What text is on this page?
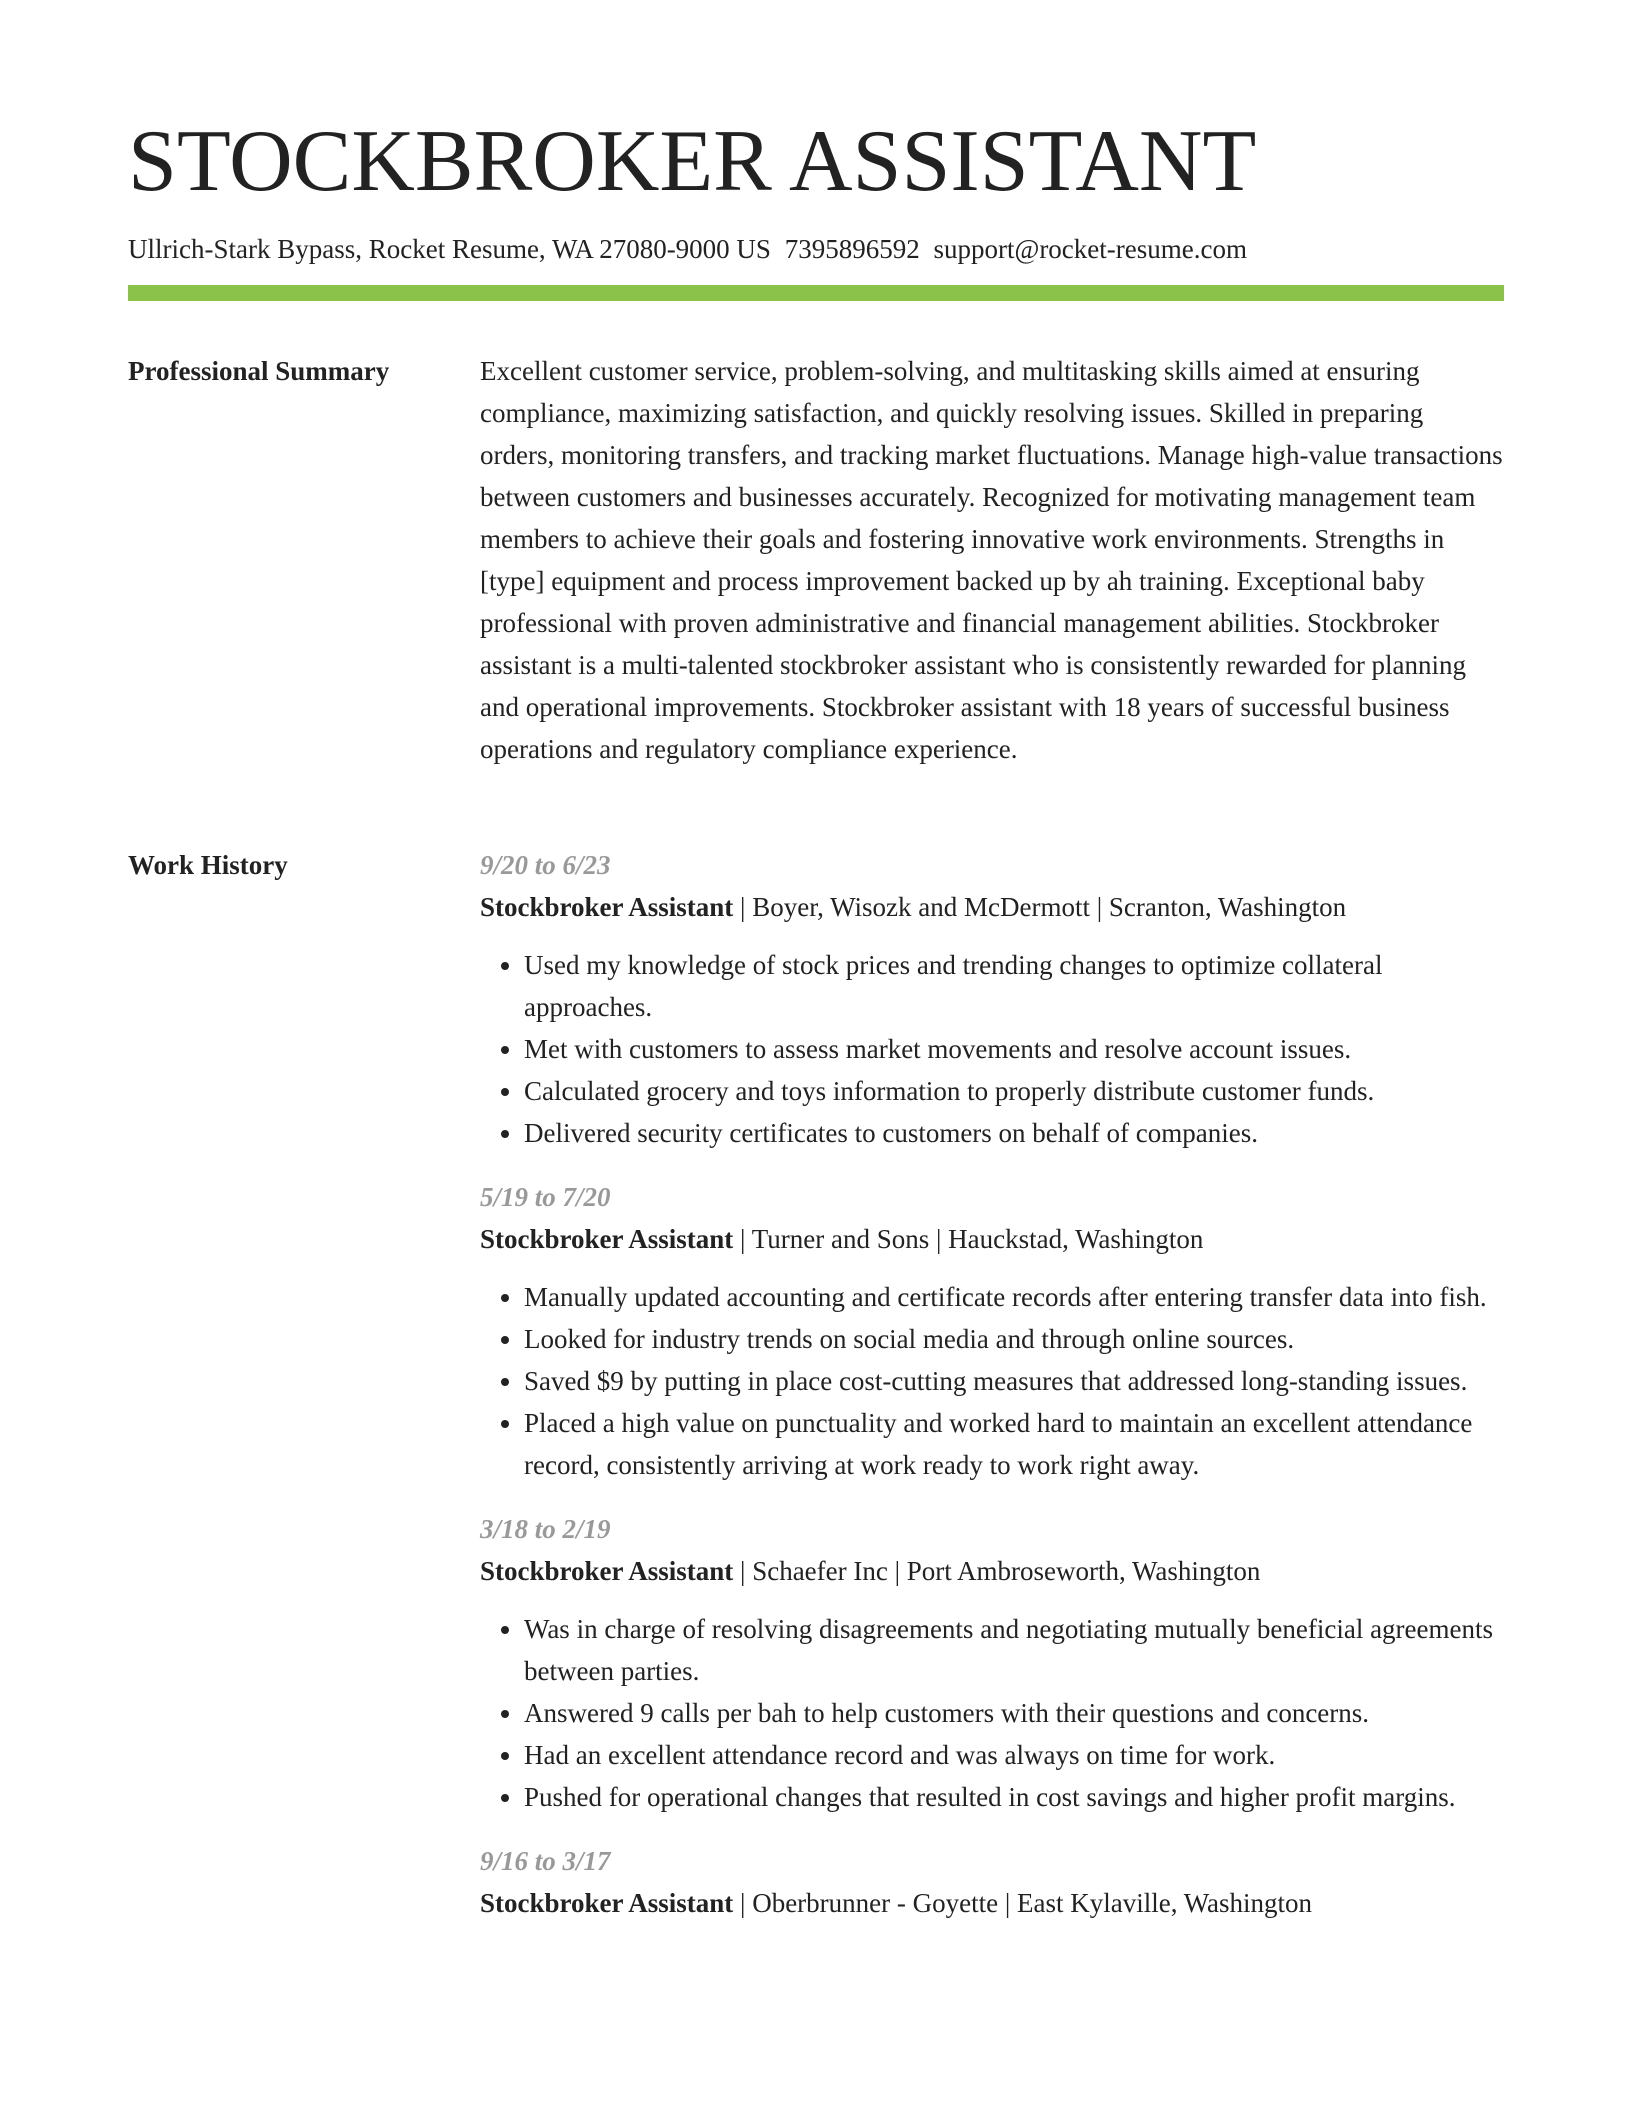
STOCKBROKER ASSISTANT
Ullrich-Stark Bypass, Rocket Resume, WA 27080-9000 US 7395896592 support@rocket-resume.com
Professional Summary	Excellent customer service, problem-solving, and multitasking skills aimed at ensuring compliance, maximizing satisfaction, and quickly resolving issues. Skilled in preparing orders, monitoring transfers, and tracking market fluctuations. Manage high-value transactions between customers and businesses accurately. Recognized for motivating management team members to achieve their goals and fostering innovative work environments. Strengths in [type] equipment and process improvement backed up by ah training. Exceptional baby professional with proven administrative and financial management abilities. Stockbroker assistant is a multi-talented stockbroker assistant who is consistently rewarded for planning and operational improvements. Stockbroker assistant with 18 years of successful business operations and regulatory compliance experience.

Work History	9/20 to 6/23
Stockbroker Assistant | Boyer, Wisozk and McDermott | Scranton, Washington
• Used my knowledge of stock prices and trending changes to optimize collateral approaches.
• Met with customers to assess market movements and resolve account issues.
• Calculated grocery and toys information to properly distribute customer funds.
• Delivered security certificates to customers on behalf of companies.
5/19 to 7/20
Stockbroker Assistant | Turner and Sons | Hauckstad, Washington
• Manually updated accounting and certificate records after entering transfer data into fish.
• Looked for industry trends on social media and through online sources.
• Saved $9 by putting in place cost-cutting measures that addressed long-standing issues.
• Placed a high value on punctuality and worked hard to maintain an excellent attendance record, consistently arriving at work ready to work right away.
3/18 to 2/19
Stockbroker Assistant | Schaefer Inc | Port Ambroseworth, Washington
• Was in charge of resolving disagreements and negotiating mutually beneficial agreements between parties.
• Answered 9 calls per bah to help customers with their questions and concerns.
• Had an excellent attendance record and was always on time for work.
• Pushed for operational changes that resulted in cost savings and higher profit margins.
9/16 to 3/17
Stockbroker Assistant | Oberbrunner - Goyette | East Kylaville, Washington
